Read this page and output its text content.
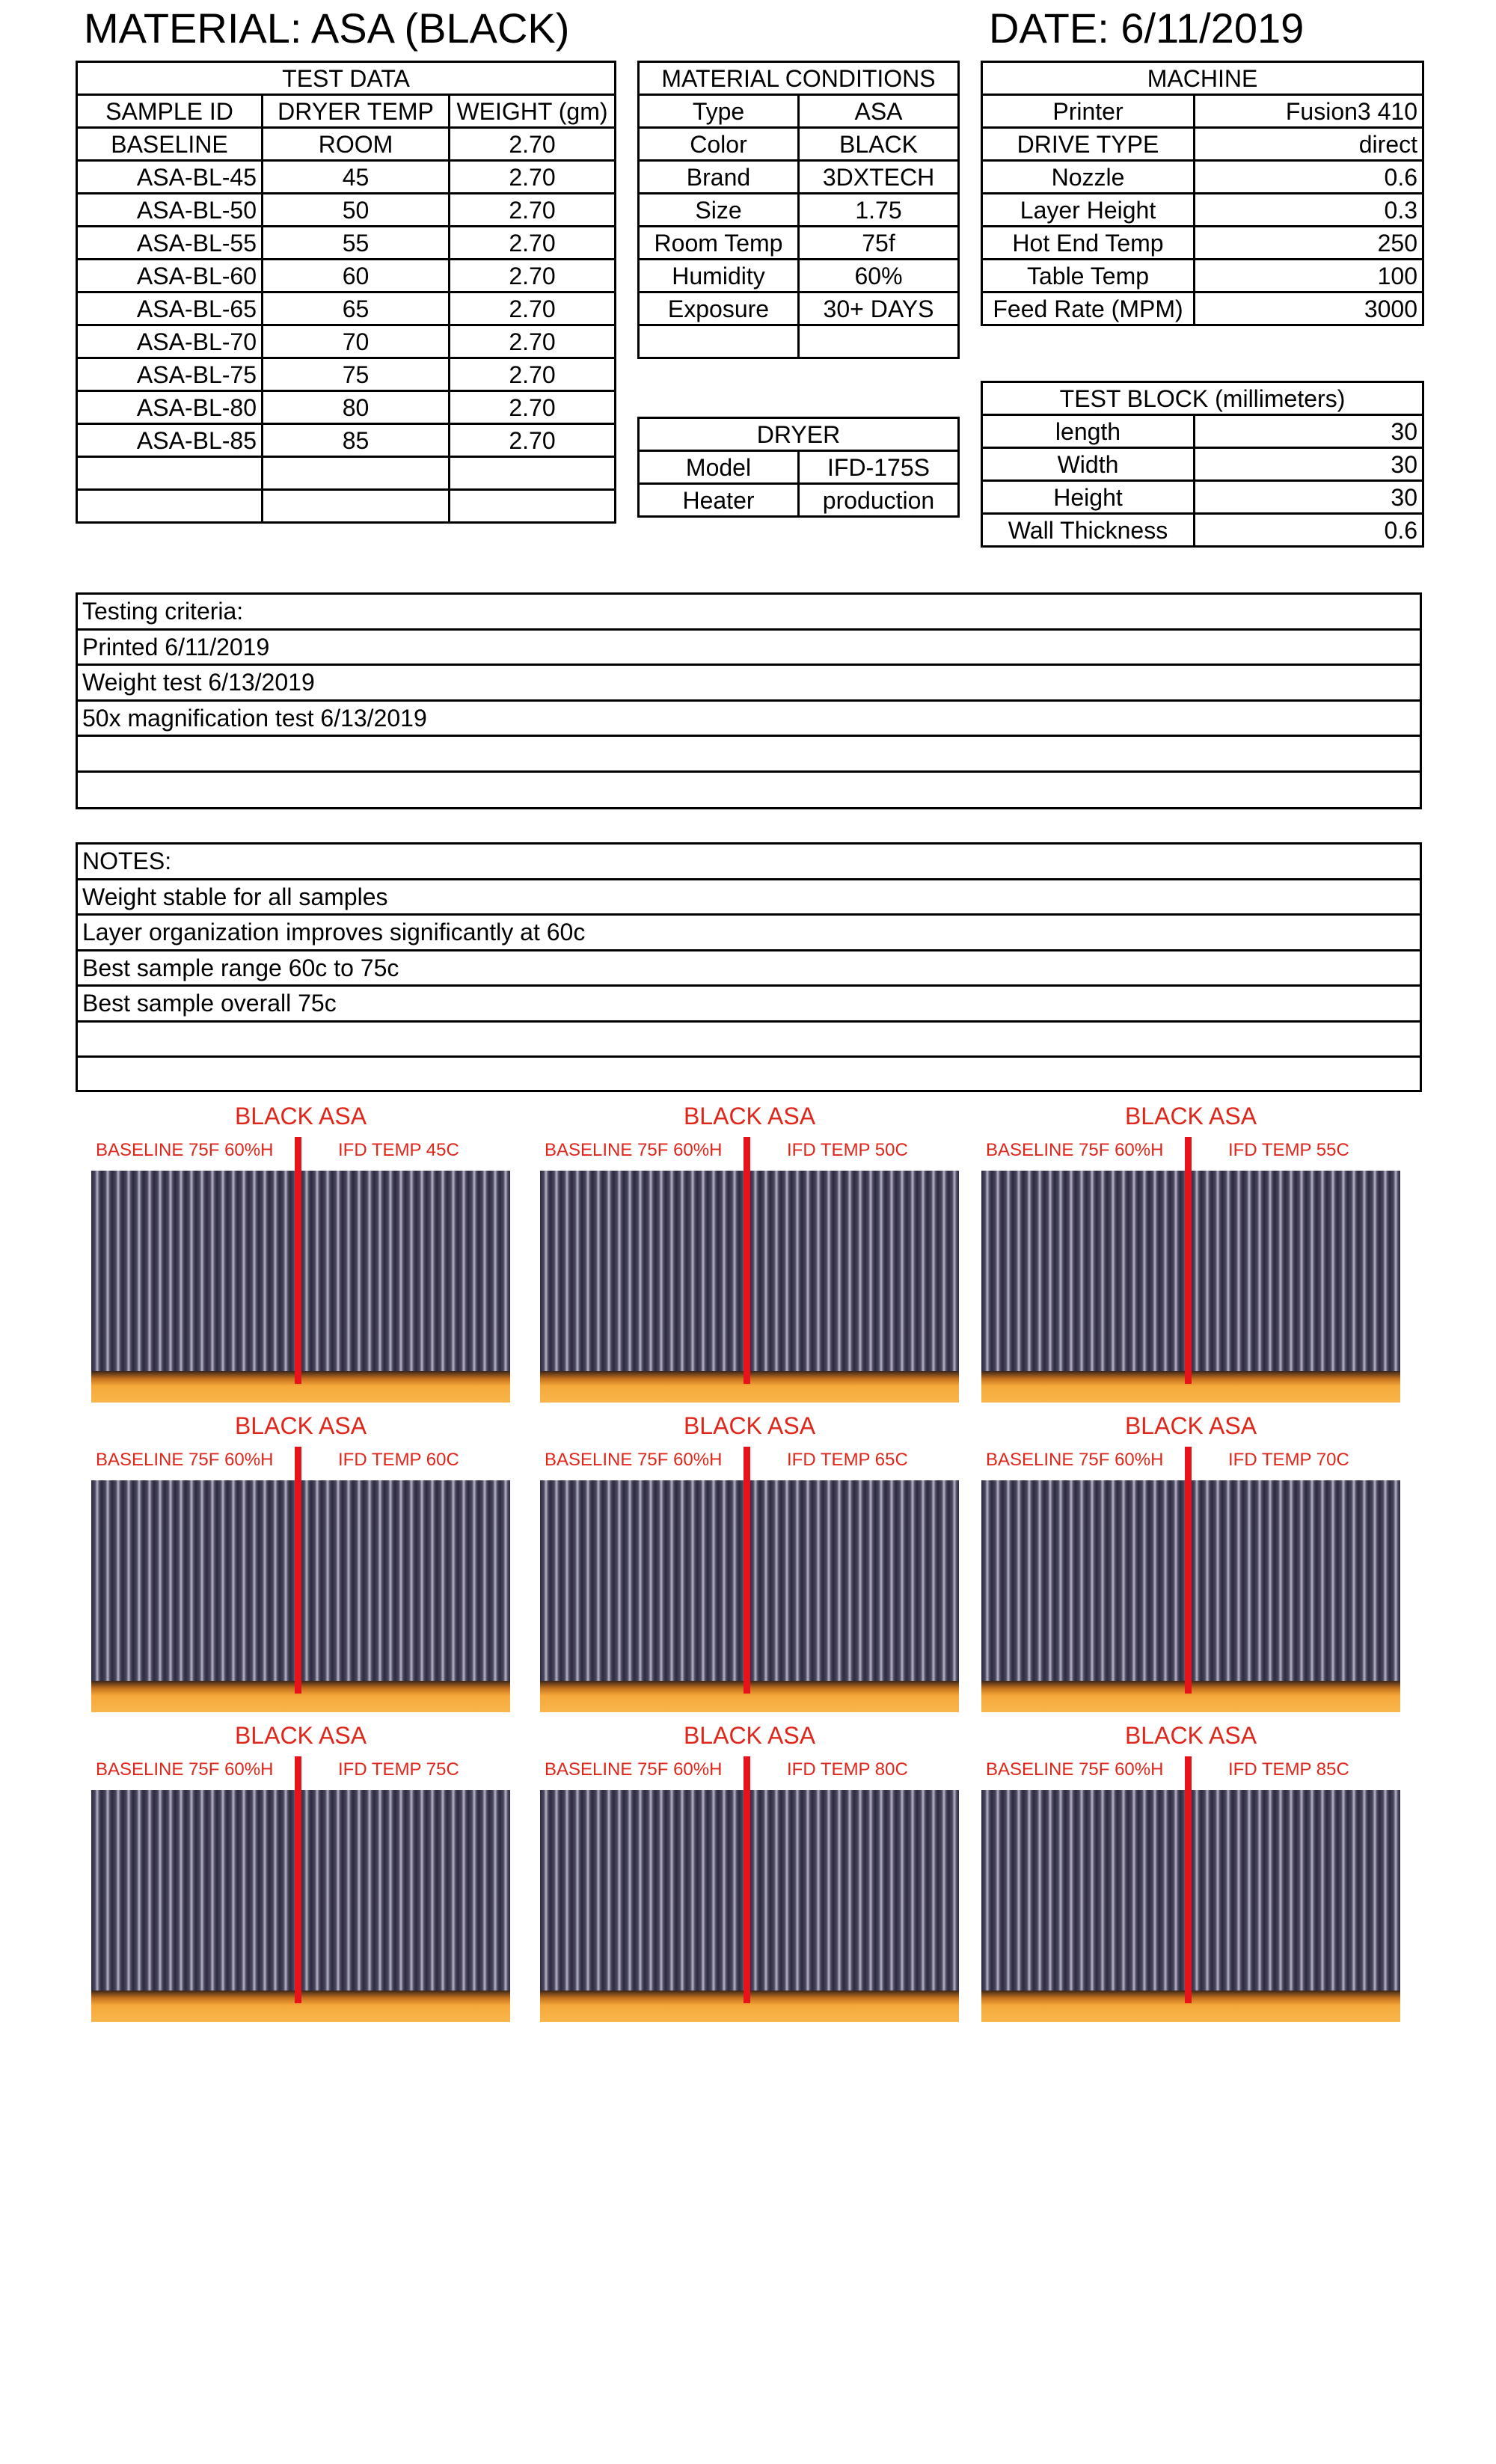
MATERIAL: ASA (BLACK)	DATE: 6/11/2019
TEST DATA		
SAMPLE ID	DRYER TEMP	WEIGHT (gm)
BASELINE	ROOM	2.70
ASA-BL-45	45	2.70
ASA-BL-50	50	2.70
ASA-BL-55	55	2.70
ASA-BL-60	60	2.70
ASA-BL-65	65	2.70
ASA-BL-70	70	2.70
ASA-BL-75	75	2.70
ASA-BL-80	80	2.70
ASA-BL-85	85	2.70

MATERIAL CONDITIONS	
Type	ASA
Color	BLACK
Brand	3DXTECH
Size	1.75
Room Temp	75f
Humidity	60%
Exposure	30+ DAYS

DRYER	
Model	IFD-175S
Heater	production
MACHINE	
Printer	Fusion3 410
DRIVE TYPE	direct
Nozzle	0.6
Layer Height	0.3
Hot End Temp	250
Table Temp	100
Feed Rate (MPM)	3000
TEST BLOCK (millimeters)	
length	30
Width	30
Height	30
Wall Thickness	0.6
Testing criteria:
Printed 6/11/2019
Weight test 6/13/2019
50x magnification test 6/13/2019
NOTES:
Weight stable for all samples
Layer organization improves significantly at 60c
Best sample range 60c to 75c
Best sample overall 75c
BLACK ASA
BASELINE 75F 60%H	IFD TEMP 45C
BLACK ASA
BASELINE 75F 60%H	IFD TEMP 50C
BLACK ASA
BASELINE 75F 60%H	IFD TEMP 55C
BLACK ASA
BASELINE 75F 60%H	IFD TEMP 60C
BLACK ASA
BASELINE 75F 60%H	IFD TEMP 65C
BLACK ASA
BASELINE 75F 60%H	IFD TEMP 70C
BLACK ASA
BASELINE 75F 60%H	IFD TEMP 75C
BLACK ASA
BASELINE 75F 60%H	IFD TEMP 80C
BLACK ASA
BASELINE 75F 60%H	IFD TEMP 85C
